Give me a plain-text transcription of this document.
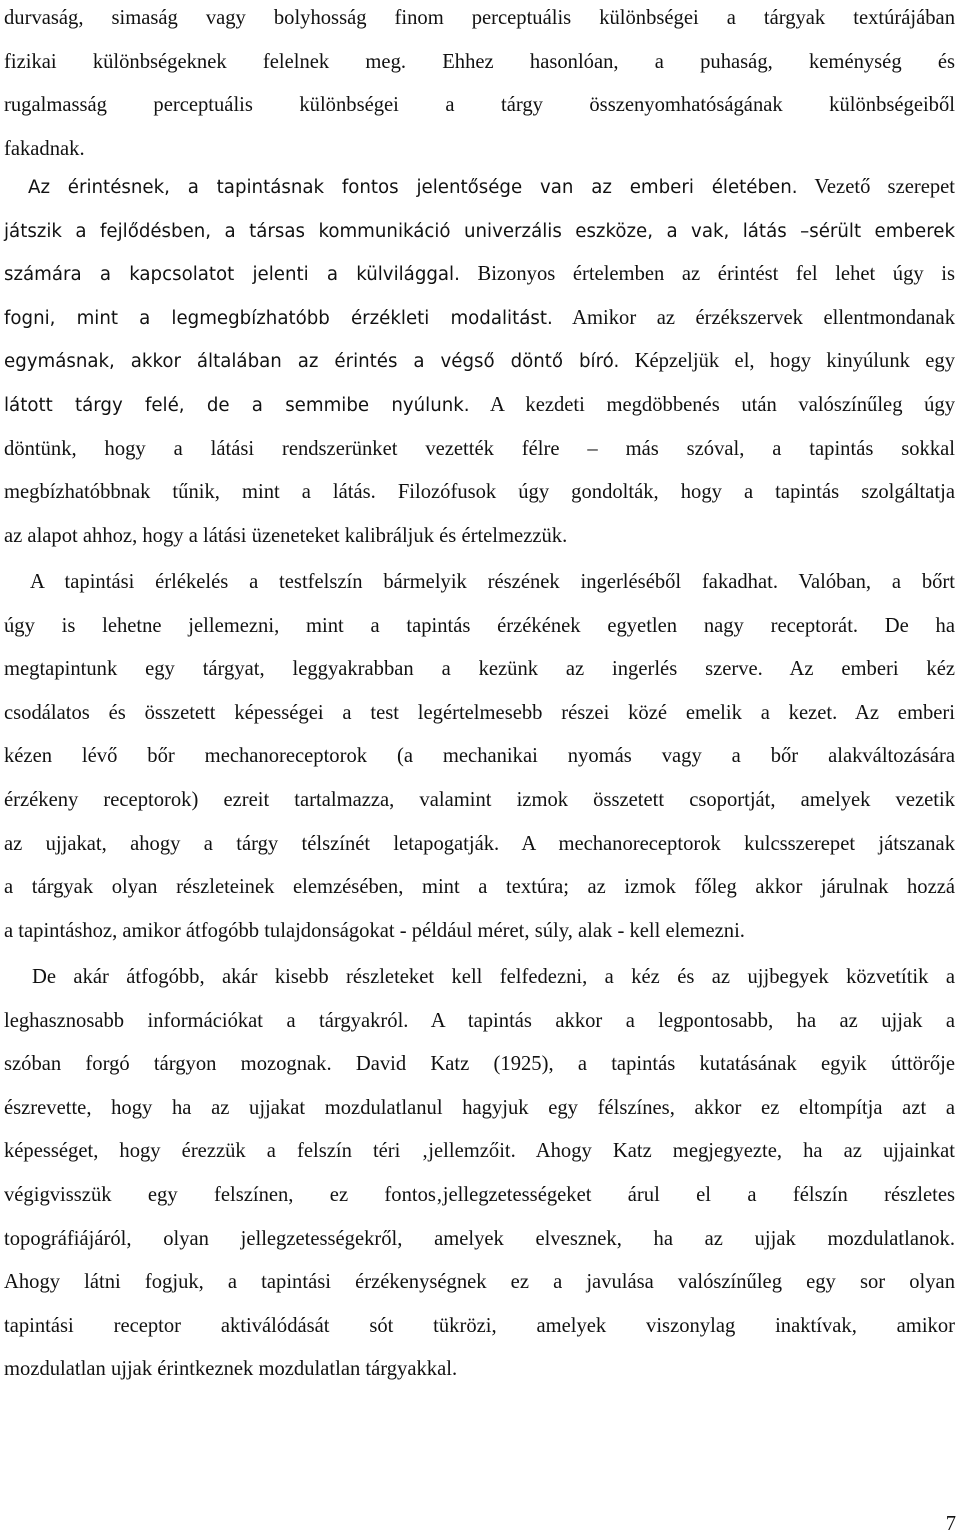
durvaság, simaság vagy bolyhosság finom perceptuális különbségei a tárgyak textúrájában
fizikai különbségeknek felelnek meg. Ehhez hasonlóan, a puhaság, keménység és
rugalmasság perceptuális különbségei a tárgy összenyomhatóságának különbségeiből
fakadnak.
Az érintésnek, a tapintásnak fontos jelentősége van az emberi életében. Vezető szerepet
játszik a fejlődésben, a társas kommunikáció univerzális eszköze, a vak, látás –sérült emberek
számára a kapcsolatot jelenti a külvilággal. Bizonyos értelemben az érintést fel lehet úgy is
fogni, mint a legmegbízhatóbb érzékleti modalitást. Amikor az érzékszervek ellentmondanak
egymásnak, akkor általában az érintés a végső döntő bíró. Képzeljük el, hogy kinyúlunk egy
látott tárgy felé, de a semmibe nyúlunk. A kezdeti megdöbbenés után valószínűleg úgy
döntünk, hogy a látási rendszerünket vezették félre – más szóval, a tapintás sokkal
megbízhatóbbnak tűnik, mint a látás. Filozófusok úgy gondolták, hogy a tapintás szolgáltatja
az alapot ahhoz, hogy a látási üzeneteket kalibráljuk és értelmezzük.
A tapintási érlékelés a testfelszín bármelyik részének ingerléséből fakadhat. Valóban, a bőrt
úgy is lehetne jellemezni, mint a tapintás érzékének egyetlen nagy receptorát. De ha
megtapintunk egy tárgyat, leggyakrabban a kezünk az ingerlés szerve. Az emberi kéz
csodálatos és összetett képességei a test legértelmesebb részei közé emelik a kezet. Az emberi
kézen lévő bőr mechanoreceptorok (a mechanikai nyomás vagy a bőr alakváltozására
érzékeny receptorok) ezreit tartalmazza, valamint izmok összetett csoportját, amelyek vezetik
az ujjakat, ahogy a tárgy télszínét letapogatják. A mechanoreceptorok kulcsszerepet játszanak
a tárgyak olyan részleteinek elemzésében, mint a textúra; az izmok főleg akkor járulnak hozzá
a tapintáshoz, amikor átfogóbb tulajdonságokat - például méret, súly, alak - kell elemezni.
De akár átfogóbb, akár kisebb részleteket kell felfedezni, a kéz és az ujjbegyek közvetítik a
leghasznosabb információkat a tárgyakról. A tapintás akkor a legpontosabb, ha az ujjak a
szóban forgó tárgyon mozognak. David Katz (1925), a tapintás kutatásának egyik úttörője
észrevette, hogy ha az ujjakat mozdulatlanul hagyjuk egy félszínes, akkor ez eltompítja azt a
képességet, hogy érezzük a felszín téri ‚jellemzőit. Ahogy Katz megjegyezte, ha az ujjainkat
végigvisszük egy felszínen, ez fontos‚jellegzetességeket árul el a félszín részletes
topográfiájáról, olyan jellegzetességekről, amelyek elvesznek, ha az ujjak mozdulatlanok.
Ahogy látni fogjuk, a tapintási érzékenységnek ez a javulása valószínűleg egy sor olyan
tapintási receptor aktiválódását sót tükrözi, amelyek viszonylag inaktívak, amikor
mozdulatlan ujjak érintkeznek mozdulatlan tárgyakkal.
7
